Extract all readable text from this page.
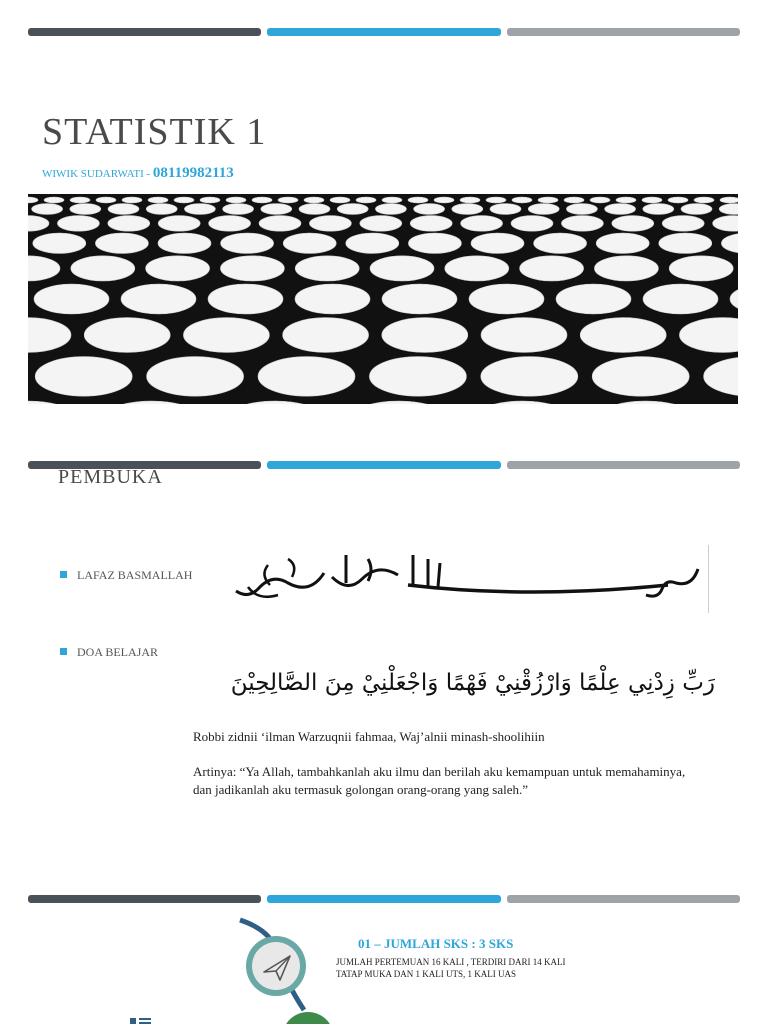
STATISTIK 1
WIWIK SUDARWATI - 08119982113
PEMBUKA
LAFAZ BASMALLAH
DOA BELAJAR
رَبِّ زِدْنِي عِلْمًا وَارْزُقْنِيْ فَهْمًا وَاجْعَلْنِيْ مِنَ الصَّالِحِيْنَ
Robbi zidnii ‘ilman Warzuqnii fahmaa, Waj’alnii minash-shoolihiin
Artinya: “Ya Allah, tambahkanlah aku ilmu dan berilah aku kemampuan untuk memahaminya, dan jadikanlah aku termasuk golongan orang-orang yang saleh.”
01 – JUMLAH SKS : 3 SKS
JUMLAH PERTEMUAN 16 KALI , TERDIRI DARI 14 KALI TATAP MUKA DAN 1 KALI UTS, 1 KALI UAS
